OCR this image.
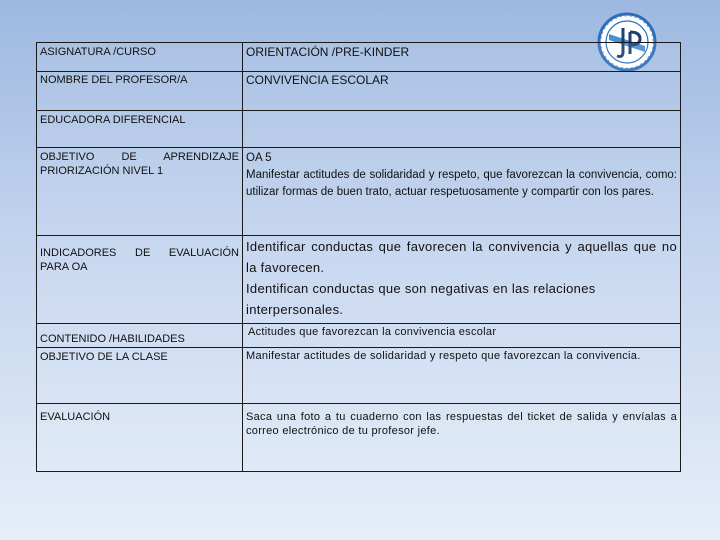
ASIGNATURA /CURSO	ORIENTACIÓN /PRE-KINDER
NOMBRE DEL PROFESOR/A	CONVIVENCIA ESCOLAR
EDUCADORA DIFERENCIAL	
OBJETIVO DE APRENDIZAJE PRIORIZACIÓN NIVEL 1	OA 5
Manifestar actitudes de solidaridad y respeto, que favorezcan la convivencia, como: utilizar formas de buen trato, actuar respetuosamente y compartir con los pares.

INDICADORES DE EVALUACIÓN PARA OA	Identificar conductas que favorecen la convivencia y aquellas que no la favorecen.
Identifican conductas que son negativas en las relaciones interpersonales.

CONTENIDO /HABILIDADES	Actitudes que favorezcan la convivencia escolar
OBJETIVO DE LA CLASE	Manifestar actitudes de solidaridad y respeto que favorezcan la convivencia.
EVALUACIÓN	Saca una foto a tu cuaderno con las respuestas del ticket de salida y envíalas a correo electrónico de tu profesor jefe.
